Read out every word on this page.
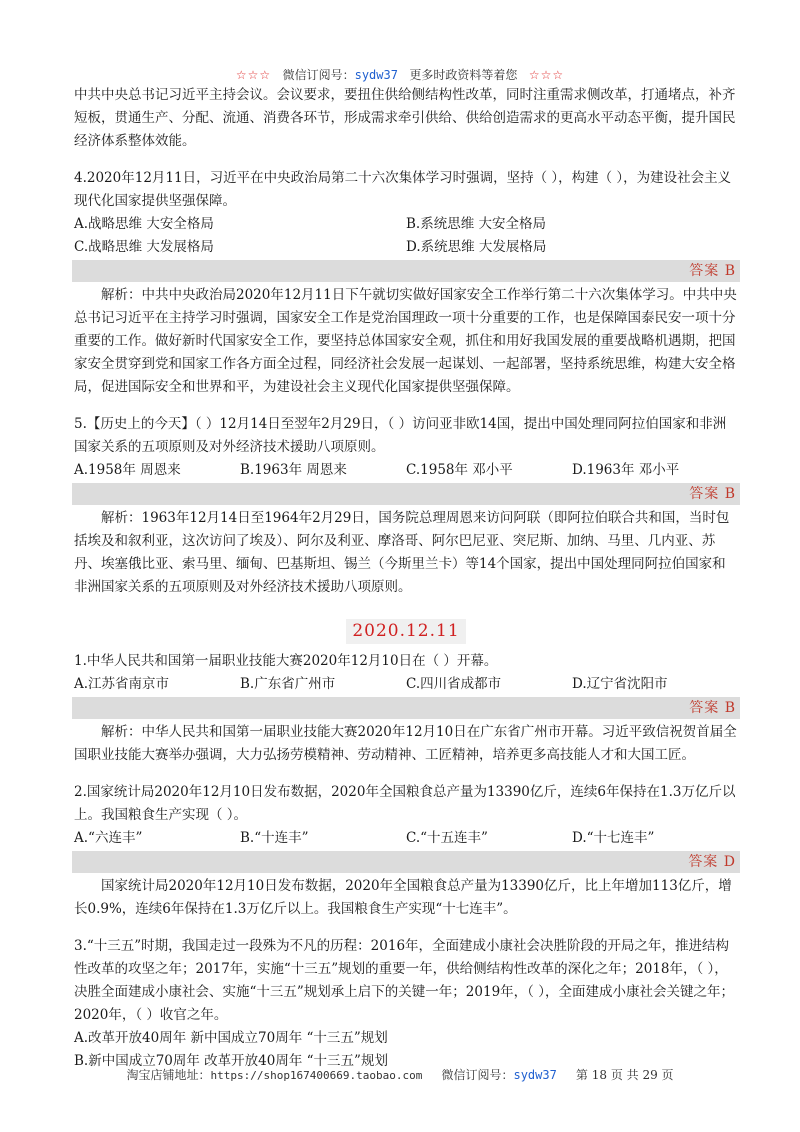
☆☆☆ 微信订阅号：sydw37 更多时政资料等着您 ☆☆☆

中共中央总书记习近平主持会议。会议要求，要扭住供给侧结构性改革，同时注重需求侧改革，打通堵点，补齐短板，贯通生产、分配、流通、消费各环节，形成需求牵引供给、供给创造需求的更高水平动态平衡，提升国民经济体系整体效能。

4.2020年12月11日，习近平在中央政治局第二十六次集体学习时强调，坚持（ ），构建（ ），为建设社会主义现代化国家提供坚强保障。

A.战略思维 大安全格局	B.系统思维 大安全格局
C.战略思维 大发展格局	D.系统思维 大发展格局
答案 B

解析：中共中央政治局2020年12月11日下午就切实做好国家安全工作举行第二十六次集体学习。中共中央总书记习近平在主持学习时强调，国家安全工作是党治国理政一项十分重要的工作，也是保障国泰民安一项十分重要的工作。做好新时代国家安全工作，要坚持总体国家安全观，抓住和用好我国发展的重要战略机遇期，把国家安全贯穿到党和国家工作各方面全过程，同经济社会发展一起谋划、一起部署，坚持系统思维，构建大安全格局，促进国际安全和世界和平，为建设社会主义现代化国家提供坚强保障。

5.【历史上的今天】（ ）12月14日至翌年2月29日，（ ）访问亚非欧14国，提出中国处理同阿拉伯国家和非洲国家关系的五项原则及对外经济技术援助八项原则。

A.1958年 周恩来	B.1963年 周恩来	C.1958年 邓小平	D.1963年 邓小平
答案 B

解析：1963年12月14日至1964年2月29日，国务院总理周恩来访问阿联（即阿拉伯联合共和国，当时包括埃及和叙利亚，这次访问了埃及）、阿尔及利亚、摩洛哥、阿尔巴尼亚、突尼斯、加纳、马里、几内亚、苏丹、埃塞俄比亚、索马里、缅甸、巴基斯坦、锡兰（今斯里兰卡）等14个国家，提出中国处理同阿拉伯国家和非洲国家关系的五项原则及对外经济技术援助八项原则。

2020.12.11

1.中华人民共和国第一届职业技能大赛2020年12月10日在（ ）开幕。

A.江苏省南京市	B.广东省广州市	C.四川省成都市	D.辽宁省沈阳市
答案 B

解析：中华人民共和国第一届职业技能大赛2020年12月10日在广东省广州市开幕。习近平致信祝贺首届全国职业技能大赛举办强调，大力弘扬劳模精神、劳动精神、工匠精神，培养更多高技能人才和大国工匠。

2.国家统计局2020年12月10日发布数据，2020年全国粮食总产量为13390亿斤，连续6年保持在1.3万亿斤以上。我国粮食生产实现（ ）。

A.“六连丰”	B.“十连丰”	C.“十五连丰”	D.“十七连丰”
答案 D

国家统计局2020年12月10日发布数据，2020年全国粮食总产量为13390亿斤，比上年增加113亿斤，增长0.9%，连续6年保持在1.3万亿斤以上。我国粮食生产实现“十七连丰”。

3.“十三五”时期，我国走过一段殊为不凡的历程：2016年，全面建成小康社会决胜阶段的开局之年，推进结构性改革的攻坚之年；2017年，实施“十三五”规划的重要一年，供给侧结构性改革的深化之年；2018年，（ ），决胜全面建成小康社会、实施“十三五”规划承上启下的关键一年；2019年，（ ），全面建成小康社会关键之年；2020年，（ ）收官之年。

A.改革开放40周年 新中国成立70周年 “十三五”规划

B.新中国成立70周年 改革开放40周年 “十三五”规划

淘宝店铺地址：https://shop167400669.taobao.com 微信订阅号：sydw37 第 18 页 共 29 页
